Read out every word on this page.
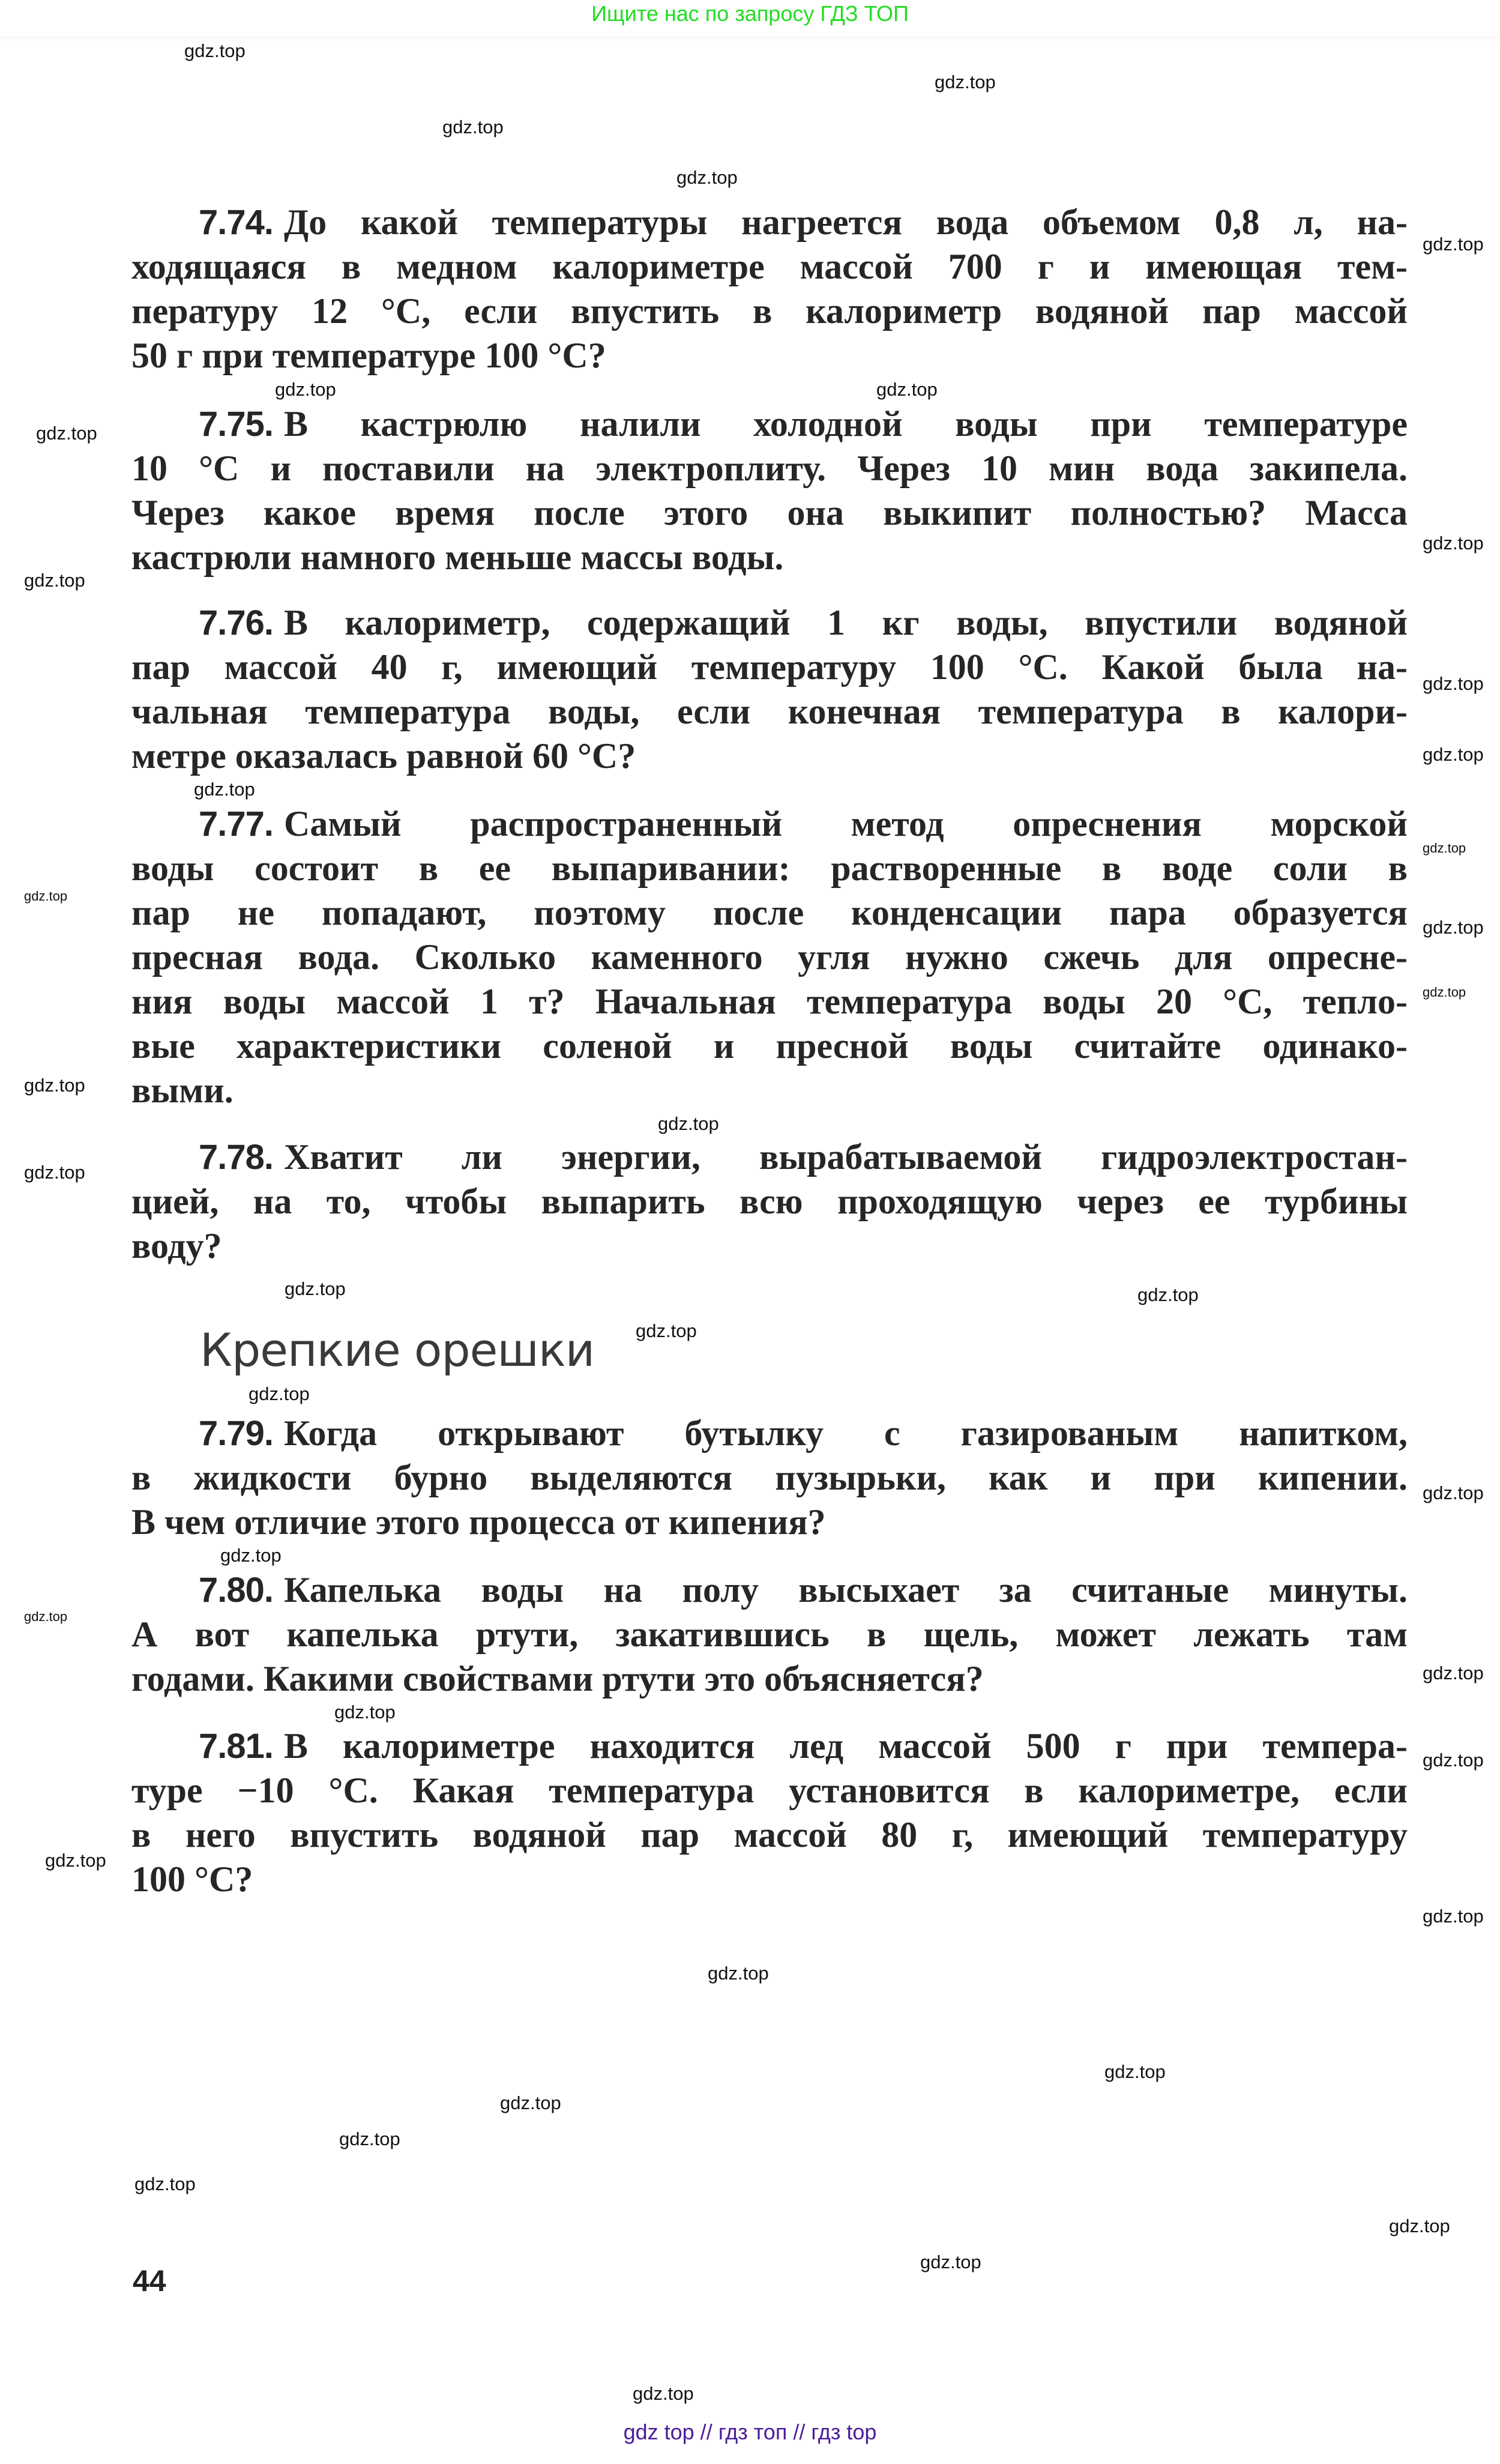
Ищите нас по запросу ГДЗ ТОП
7.74. До какой температуры нагреется вода объемом 0,8 л, на-
ходящаяся в медном калориметре массой 700 г и имеющая тем-
пературу 12 °С, если впустить в калориметр водяной пар массой
50 г при температуре 100 °С?
7.75. В кастрюлю налили холодной воды при температуре
10 °С и поставили на электроплиту. Через 10 мин вода закипела.
Через какое время после этого она выкипит полностью? Масса
кастрюли намного меньше массы воды.
7.76. В калориметр, содержащий 1 кг воды, впустили водяной
пар массой 40 г, имеющий температуру 100 °С. Какой была на-
чальная температура воды, если конечная температура в калори-
метре оказалась равной 60 °С?
7.77. Самый распространенный метод опреснения морской
воды состоит в ее выпаривании: растворенные в воде соли в
пар не попадают, поэтому после конденсации пара образуется
пресная вода. Сколько каменного угля нужно сжечь для опресне-
ния воды массой 1 т? Начальная температура воды 20 °С, тепло-
вые характеристики соленой и пресной воды считайте одинако-
выми.
7.78. Хватит ли энергии, вырабатываемой гидроэлектростан-
цией, на то, чтобы выпарить всю проходящую через ее турбины
воду?
7.79. Когда открывают бутылку с газированым напитком,
в жидкости бурно выделяются пузырьки, как и при кипении.
В чем отличие этого процесса от кипения?
7.80. Капелька воды на полу высыхает за считаные минуты.
А вот капелька ртути, закатившись в щель, может лежать там
годами. Какими свойствами ртути это объясняется?
7.81. В калориметре находится лед массой 500 г при темпера-
туре −10 °С. Какая температура установится в калориметре, если
в него впустить водяной пар массой 80 г, имеющий температуру
100 °С?
Крепкие орешки
44
gdz.top
gdz.top
gdz.top
gdz.top
gdz.top
gdz.top
gdz.top
gdz.top
gdz.top
gdz.top
gdz.top
gdz.top
gdz.top
gdz.top
gdz.top
gdz.top
gdz.top
gdz.top
gdz.top
gdz.top
gdz.top	gdz.top
gdz.top
gdz.top
gdz.top
gdz.top
gdz.top
gdz.top
gdz.top
gdz.top
gdz.top
gdz.top
gdz.top
gdz.top
gdz.top
gdz.top
gdz.top
gdz.top
gdz.top
gdz.top
gdz top // гдз топ // гдз top
